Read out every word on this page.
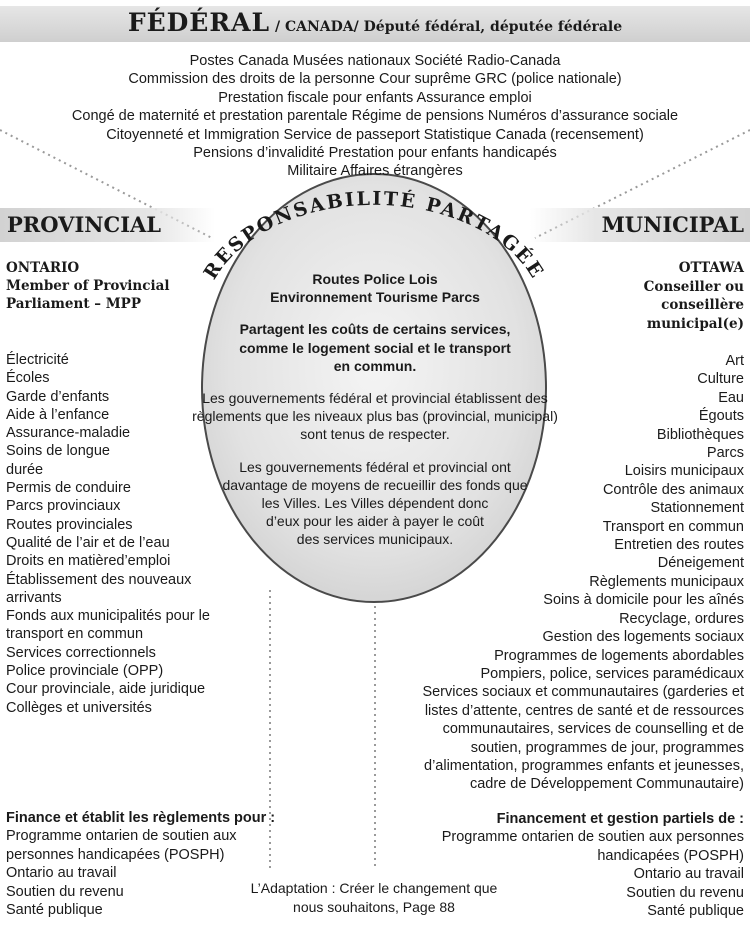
RESPONSABILITÉ PARTAGÉE
FÉDÉRAL / CANADA/ Député fédéral, députée fédérale
Postes Canada Musées nationaux Société Radio-Canada
Commission des droits de la personne Cour suprême GRC (police nationale)
Prestation fiscale pour enfants Assurance emploi
Congé de maternité et prestation parentale Régime de pensions Numéros d’assurance sociale
Citoyenneté et Immigration Service de passeport Statistique Canada (recensement)
Pensions d’invalidité Prestation pour enfants handicapés
Militaire Affaires étrangères
PROVINCIAL	MUNICIPAL
ONTARIO
Member of Provincial
Parliament – MPP
OTTAWA
Conseiller ou
conseillère
municipal(e)
Électricité
Écoles
Garde d’enfants
Aide à l’enfance
Assurance-maladie
Soins de longue
durée
Permis de conduire
Parcs provinciaux
Routes provinciales
Qualité de l’air et de l’eau
Droits en matièred’emploi
Établissement des nouveaux
arrivants
Fonds aux municipalités pour le
transport en commun
Services correctionnels
Police provinciale (OPP)
Cour provinciale, aide juridique
Collèges et universités
Art
Culture
Eau
Égouts
Bibliothèques
Parcs
Loisirs municipaux
Contrôle des animaux
Stationnement
Transport en commun
Entretien des routes
Déneigement
Règlements municipaux
Soins à domicile pour les aînés
Recyclage, ordures
Gestion des logements sociaux
Programmes de logements abordables
Pompiers, police, services paramédicaux
Services sociaux et communautaires (garderies et
listes d’attente, centres de santé et de ressources
communautaires, services de counselling et de
soutien, programmes de jour, programmes
d’alimentation, programmes enfants et jeunesses,
cadre de Développement Communautaire)
Routes Police Lois
Environnement Tourisme Parcs
Partagent les coûts de certains services,
comme le logement social et le transport
en commun.
Les gouvernements fédéral et provincial établissent des
règlements que les niveaux plus bas (provincial, municipal)
sont tenus de respecter.
Les gouvernements fédéral et provincial ont
davantage de moyens de recueillir des fonds que
les Villes. Les Villes dépendent donc
d’eux pour les aider à payer le coût
des services municipaux.
Finance et établit les règlements pour :
Programme ontarien de soutien aux
personnes handicapées (POSPH)
Ontario au travail
Soutien du revenu
Santé publique
Financement et gestion partiels de :
Programme ontarien de soutien aux personnes
handicapées (POSPH)
Ontario au travail
Soutien du revenu
Santé publique
L’Adaptation : Créer le changement que
nous souhaitons, Page 88
